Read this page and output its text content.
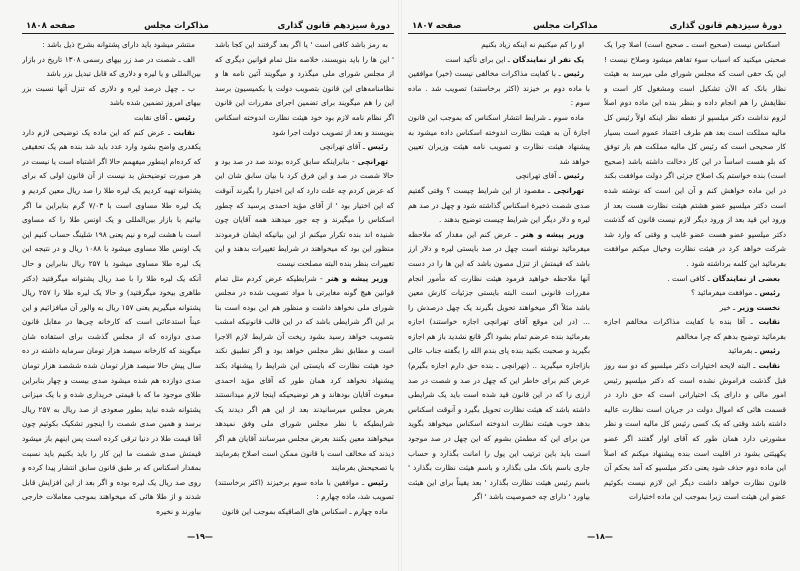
دورهٔ سیزدهم قانون گذاری
مذاکرات مجلس
صفحه ۱۸۰۸

به رمز باشد کافی است ' یا اگر بعد گرفتند این کجا باشد ' این ها را باید بنویسند، خلاصه مثل تمام قوانین دیگری که از مجلس شورای ملی میگذرد و میگویند آئین نامه ها و نظامنامه‌های این قانون بتصویب دولت یا بکمیسیون برسد این را هم میگویند برای تضمین اجرای مقررات این قانون اگر نظام نامه لازم بود خود هیئت نظارت اندوخته اسکناس بنویسند و بعد از تصویب دولت اجرا شود

رئیس ـ آقای تهرانچی

تهرانچی - بنابراینکه سابق کرده بودند صد در صد بود و حالا شصت در صد و این فرق کرد با بیان سابق شان این که عرض کردم چه علت دارد که این اختیار را بگیرند آنوقت که این اختیار بود ' از آقای مؤید احمدی پرسید که چطور اسکناس را میگیرند و چه جور میدهند همه آقایان چون شنیده اند بنده تکرار میکنم از این بیانیکه ایشان فرمودند منظور این بود که میخواهند در شرایط تغییرات بدهند و این تغییرات بنظر بنده البته مصلحت نیست

وزیر پیشه و هنر - شرایطیکه عرض کردم مثل تمام قوانین هیچ گونه مغایرتی با مواد تصویب شده در مجلس شورای ملی نخواهد داشت و منظور هم این بوده است بنا بر این اگر شرایطی باشد که در این قالب قانونیکه امشب بتصویب خواهد رسید بشود ریخت آن شرایط لازم الاجرا است و مطابق نظر مجلس خواهد بود و اگر تطبیق نکند خود هیئت نظارت که بایستی این شرایط را پیشنهاد بکند پیشنهاد نخواهد کرد همان طور که آقای مؤید احمدی مبعوث آقایان بودهاند و هر توضیحیکه اینجا لازم میدانستند بعرض مجلس میرسانیدند بعد از این هم اگر دیدند یک شرایطیکه با نظر مجلس شورای ملی وفق نمیدهد میخواهند معین بکنند بعرض مجلس میرسانند آقایان هم اگر دیدند که مخالف است با قانون ممکن است اصلاح بفرمایند یا تصحیحش بفرمایند

رئیس ـ موافقین با ماده سوم برخیزند (اکثر برخاستند) تصویب شد، ماده چهارم :

ماده چهارم ـ اسکناس های الصاقیکه بموجب این قانون

منتشر میشود باید دارای پشتوانه بشرح ذیل باشد :

الف ـ شصت در صد زر بیهای رسمی ۱۳۰۸ تاریخ در بازار بین‌المللی و یا لیره و دلاری که قابل تبدیل بزر باشد

ب ـ چهل درصد لیره و دلاری که تنزل آنها نسبت بزر بیهای امروز تضمین شده باشد

رئیس ـ آقای نقابت

نقابت ـ عرض کنم که این ماده یک توضیحی لازم دارد یکقدری واضح بشود وارد عدد باید شد بنده هم یک تحقیقی که کرده‌ام اینطور میفهمم حالا اگر اشتباه است یا نیست در هر صورت توضیحش بد نیست از آن قانون اولی که برای پشتوانه تهیه کردیم یک لیره طلا را صد ریال معین کردیم و یک لیره طلا مساوی است با ۷/۰۳ گرم بنابراین ما اگر بیائیم با بازار بین‌المللی و یک اونس طلا را که مساوی است با هشت لیره و نیم یعنی ۱۹۸ شلینگ حساب کنیم این یک اونس طلا مساوی میشود با ۱۰۸۸ ریال و در نتیجه این یک لیره طلا مساوی میشود با ۲۵۷ ریال بنابراین و حال آنکه یک لیره طلا را با صد ریال پشتوانه میگرفتید (دکتر طاهری بیخود میگرفتید) و حالا یک لیره طلا را ۲۵۷ ریال پشتوانه میگیریم یعنی ۱۵۷ ریال به والور آن میافزائیم و این عیناً استدعائی است که کارخانه چی‌ها در مقابل قانون صدی دوازده که از مجلس گذشت برای استفاده شان میگویند که کارخانه سیصد هزار تومان سرمایه داشته در ده سال پیش حالا سیصد هزار تومان شده ششصد هزار تومان صدی دوازده هم شده میشود صدی بیست و چهار بنابراین طلای موجود ما که با قیمتی خریداری شده و با یک میزانی پشتوانه شده نباید بطور صعودی از صد ریال به ۲۵۷ ریال برسد و همین صدی شصت را اینجور تشکیک بکوئیم چون آقا قیمت طلا در دنیا ترقی کرده است پس اینهم باز میشود قیمتش صدی شصت ما این کار را باید بکنیم باید نسبت بمقدار اسکناس که بر طبق قانون سابق انتشار پیدا کرده و روی صد ریال یک لیره بوده و اگر بعد از این افزایش قابل شدند و از طلا هائی که میخواهند بموجب معاملات خارجی بیاورند و نخیره

—۱۹—
دورهٔ سیزدهم قانون گذاری
مذاکرات مجلس
صفحه ۱۸۰۷

اسکناس نیست (صحیح است ـ صحیح است) اصلا چرا یک صحبتی میکنید که اسباب سوء تفاهم میشود وصلاح نیست ! این یک حقی است که مجلس شورای ملی میرسد به هیئت نظار بانک که الآن تشکیل است ومشغول کار است و نظایفش را هم انجام داده و بنظر بنده این ماده دوم اصلاً لزوم نداشت دکتر میلسپو از نقطه نظر اینکه اولاً رئیس کل مالیه مملکت است بعد هم طرف اعتماد عموم است بسیار کار صحیحی است که رئیس کل مالیه مملکت هم بار توفق که بلو هست اساساً در این کار دخالت داشته باشد (صحیح است) بنده خواستم یک اصلاح جزئی اگر دولت موافقت بکند در این ماده خواهش کنم و آن این است که نوشته شده است دکتر میلسپو عضو هشتم هیئت نظارت هست بعد از ورود این قید بعد از ورود دیگر لازم نیست قانون که گذشت دکتر میلسپو عضو هست عضو غایب و وقتی که وارد شد شرکت خواهد کرد در هیئت نظارت وخیال میکنم موافقت بفرمائید این کلمه برداشته شود .

بعضی از نمایندگان ـ کافی است .

رئیس ـ موافقت میفرمائید ؟

نخست وزیر ـ خیر

نقابت ـ آقا بنده با کفایت مذاکرات مخالفم اجازه بفرمائید توضیح بدهم که چرا مخالفم

رئیس ـ بفرمائید

نقابت ـ البته لایحه اختیارات دکتر میلسپو که دو سه روز قبل گذشت فراموش نشده است که دکتر میلسپو رئیس امور مالی و دارای یک اختیاراتی است که حق دارد در قسمت هائی که اموال دولت در جریان است نظارت عالیه داشته باشد وقتی که یک کسی رئیس کل مالیه است و نظر مشورتی دارد همان طور که آقای اوار گفتند اگر عضو یکهیئتی بشود در اقلیت است بنده پیشنهاد میکنم که اصلاً این ماده دوم حذف شود یعنی دکتر میلسپو که آمد بحکم آن قانون نظارت خواهد داشت دیگر این لازم نیست بکوئیم عضو این هیئت است زیرا بموجب این ماده اختیارات

او را کم میکنیم نه اینکه زیاد بکنیم

یک نفر از نمایندگان ـ این برای تأکید است

رئیس ـ با کفایت مذاکرات مخالفی نیست (خیر) موافقین با ماده دوم بر خیزند (اکثر برخاستند) تصویب شد . ماده سوم :

ماده سوم ـ شرایط انتشار اسکناس که بموجب این قانون اجازهٔ آن به هیئت نظارت اندوخته اسکناس داده میشود به پیشنهاد هیئت نظارت و تصویب نامه هیئت وزیران تعیین خواهد شد

رئیس ـ آقای تهرانچی

تهرانچی ـ مقصود از این شرایط چیست ؟ وقتی گفتیم صدی شصت ذخیرهٔ اسکناس گذاشته شود و چهل در صد هم لیره و دلار دیگر این شرایط چیست توضیح بدهند .

وزیر پیشه و هنر ـ عرض کنم این مقدار که ملاحظه میفرمائید نوشته است چهل در صد بایستی لیره و دلار ارز باشد که قیمتش از تنزل مصون باشد که این ها را در دست آنها ملاحظه خواهید فرمود هیئت نظارت که مأمور انجام مقررات قانونی است البته بایستی جزئیات کارش معین باشد مثلاً اگر میخواهند تحویل بگیرند یک چهل درصدش را ... (در این موقع آقای تهرانچی اجازه خواستند) اجازه بفرمائید بنده عرضم تمام بشود اگر قانع نشدید باز هم اجازه بگیرید و صحبت بکنید بنده پای بندم الله را بگفته جناب عالی بازاجازه میگیرید .. (تهرانچی ـ بنده حق دارم اجازه بگیرم) عرض کنم برای خاطر این که چهل در صد و شصت در صد ارزی را که در این قانون قید شده است باید یک شرایطی داشته باشد که هیئت نظارت تحویل بگیرد و آنوقت اسکناس بدهد خوب هیئت نظارت اندوخته اسکناس میخواهد بگوید من برای این که مطمئن بشوم که این چهل در صد موجود است باید باین ترتیب این پول را امانت بگذارد و حساب جاری باسم بانک ملی بگذارد و باسم هیئت نظارت بگذارد ' باسم رئیس هیئت نظارت بگذارد ' بعد یقیناً برای این هیئت بیاورد ' دارای چه خصوصیت باشد ' اگر

—۱۸—
